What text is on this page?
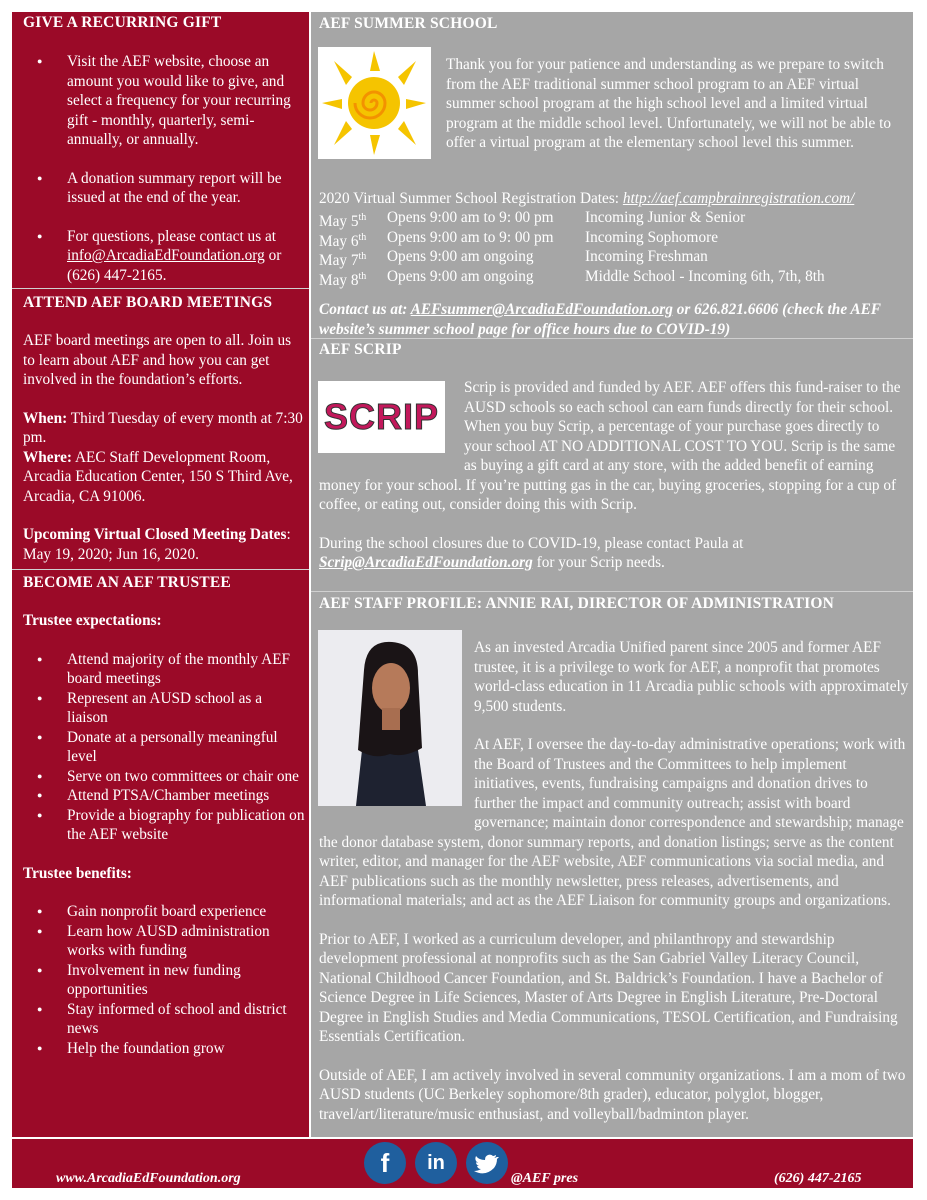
GIVE A RECURRING GIFT
● Visit the AEF website, choose an amount you would like to give, and select a frequency for your recurring gift - monthly, quarterly, semi-annually, or annually.
● A donation summary report will be issued at the end of the year.
● For questions, please contact us at info@ArcadiaEdFoundation.org or (626) 447-2165.
ATTEND AEF BOARD MEETINGS
AEF board meetings are open to all. Join us to learn about AEF and how you can get involved in the foundation’s efforts.
When: Third Tuesday of every month at 7:30 pm.
Where: AEC Staff Development Room, Arcadia Education Center, 150 S Third Ave, Arcadia, CA 91006.
Upcoming Virtual Closed Meeting Dates: May 19, 2020; Jun 16, 2020.
BECOME AN AEF TRUSTEE
Trustee expectations:
● Attend majority of the monthly AEF board meetings
● Represent an AUSD school as a liaison
● Donate at a personally meaningful level
● Serve on two committees or chair one
● Attend PTSA/Chamber meetings
● Provide a biography for publication on the AEF website
Trustee benefits:
● Gain nonprofit board experience
● Learn how AUSD administration works with funding
● Involvement in new funding opportunities
● Stay informed of school and district news
● Help the foundation grow
AEF SUMMER SCHOOL
Thank you for your patience and understanding as we prepare to switch from the AEF traditional summer school program to an AEF virtual summer school program at the high school level and a limited virtual program at the middle school level. Unfortunately, we will not be able to offer a virtual program at the elementary school level this summer.
2020 Virtual Summer School Registration Dates: http://aef.campbrainregistration.com/
May 5th Opens 9:00 am to 9: 00 pm Incoming Junior & Senior
May 6th Opens 9:00 am to 9: 00 pm Incoming Sophomore
May 7th Opens 9:00 am ongoing	Incoming Freshman
May 8th Opens 9:00 am ongoing	Middle School - Incoming 6th, 7th, 8th
Contact us at: AEFsummer@ArcadiaEdFoundation.org or 626.821.6606 (check the AEF website’s summer school page for office hours due to COVID-19)
AEF SCRIP
SCRIP
Scrip is provided and funded by AEF. AEF offers this fund-raiser to the AUSD schools so each school can earn funds directly for their school. When you buy Scrip, a percentage of your purchase goes directly to your school AT NO ADDITIONAL COST TO YOU. Scrip is the same as buying a gift card at any store, with the added benefit of earning money for your school. If you’re putting gas in the car, buying groceries, stopping for a cup of coffee, or eating out, consider doing this with Scrip.
During the school closures due to COVID-19, please contact Paula at Scrip@ArcadiaEdFoundation.org for your Scrip needs.
AEF STAFF PROFILE: ANNIE RAI, DIRECTOR OF ADMINISTRATION
As an invested Arcadia Unified parent since 2005 and former AEF trustee, it is a privilege to work for AEF, a nonprofit that promotes world-class education in 11 Arcadia public schools with approximately 9,500 students.
At AEF, I oversee the day-to-day administrative operations; work with the Board of Trustees and the Committees to help implement initiatives, events, fundraising campaigns and donation drives to further the impact and community outreach; assist with board governance; maintain donor correspondence and stewardship; manage the donor database system, donor summary reports, and donation listings; serve as the content writer, editor, and manager for the AEF website, AEF communications via social media, and AEF publications such as the monthly newsletter, press releases, advertisements, and informational materials; and act as the AEF Liaison for community groups and organizations.
Prior to AEF, I worked as a curriculum developer, and philanthropy and stewardship development professional at nonprofits such as the San Gabriel Valley Literacy Council, National Childhood Cancer Foundation, and St. Baldrick’s Foundation. I have a Bachelor of Science Degree in Life Sciences, Master of Arts Degree in English Literature, Pre-Doctoral Degree in English Studies and Media Communications, TESOL Certification, and Fundraising Essentials Certification.
Outside of AEF, I am actively involved in several community organizations. I am a mom of two AUSD students (UC Berkeley sophomore/8th grader), educator, polyglot, blogger, travel/art/literature/music enthusiast, and volleyball/badminton player.
www.ArcadiaEdFoundation.org	@AEF pres	(626) 447-2165
f	in
